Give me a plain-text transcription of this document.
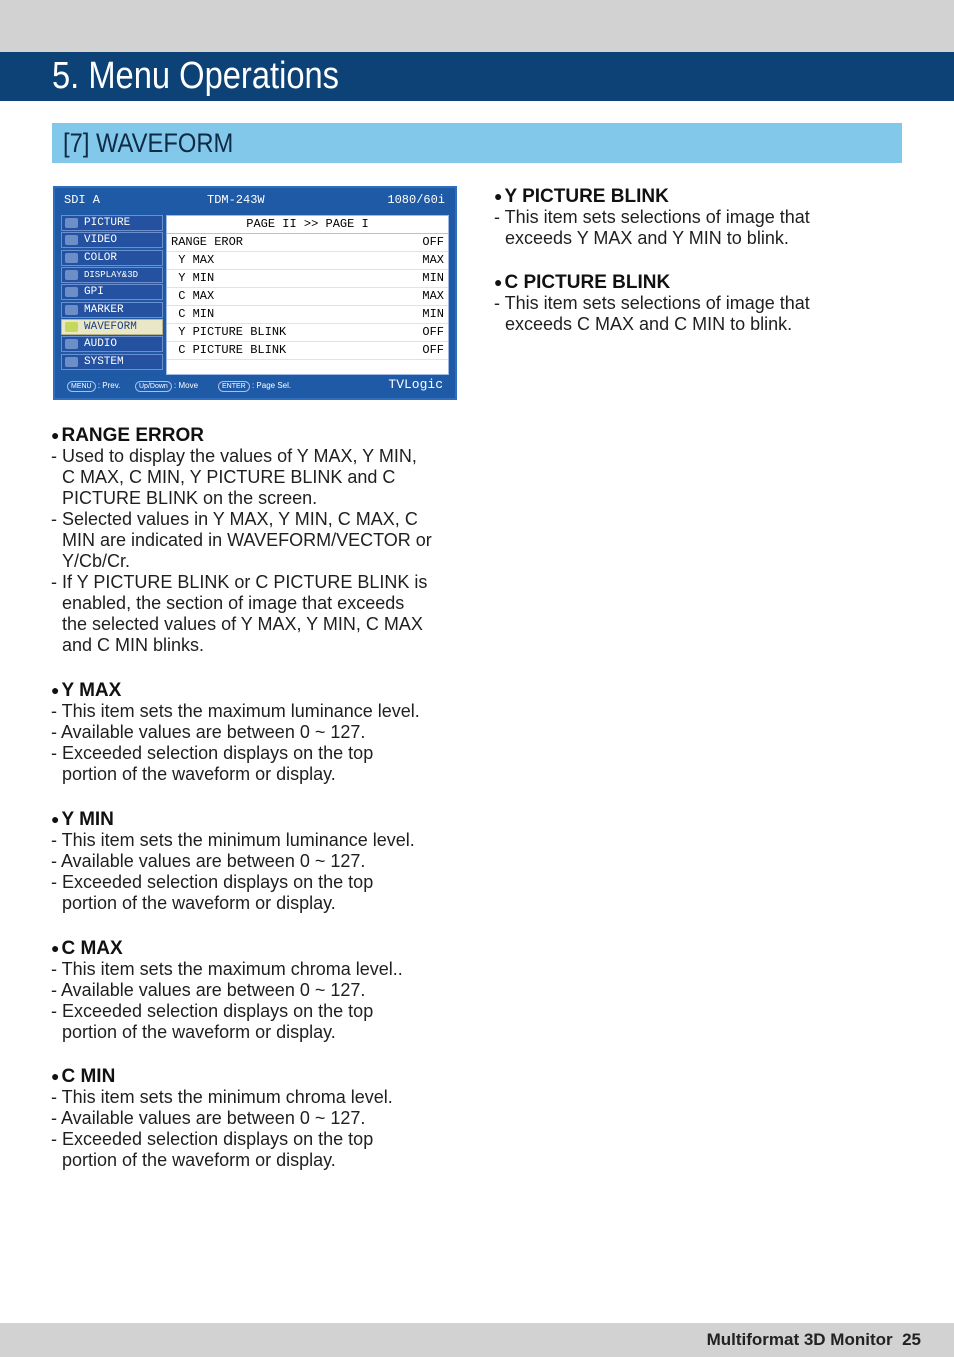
5. Menu Operations
[7] WAVEFORM
SDI A	TDM-243W	1080/60i
PICTURE
VIDEO
COLOR
DISPLAY&3D
GPI
MARKER
WAVEFORM
AUDIO
SYSTEM
PAGE II >> PAGE I
RANGE EROR	OFF
Y MAX	MAX
Y MIN	MIN
C MAX	MAX
C MIN	MIN
Y PICTURE BLINK	OFF
C PICTURE BLINK	OFF
MENU : Prev.	Up/Down : Move	ENTER : Page Sel.	TVLogic
● RANGE ERROR

- Used to display the values of Y MAX, Y MIN,

C MAX, C MIN, Y PICTURE BLINK and C

PICTURE BLINK on the screen.

- Selected values in Y MAX, Y MIN, C MAX, C

MIN are indicated in WAVEFORM/VECTOR or

Y/Cb/Cr.

- If Y PICTURE BLINK or C PICTURE BLINK is

enabled, the section of image that exceeds

the selected values of Y MAX, Y MIN, C MAX

and C MIN blinks.

● Y MAX

- This item sets the maximum luminance level.

- Available values are between 0 ~ 127.

- Exceeded selection displays on the top

portion of the waveform or display.

● Y MIN

- This item sets the minimum luminance level.

- Available values are between 0 ~ 127.

- Exceeded selection displays on the top

portion of the waveform or display.

● C MAX

- This item sets the maximum chroma level..

- Available values are between 0 ~ 127.

- Exceeded selection displays on the top

portion of the waveform or display.

● C MIN

- This item sets the minimum chroma level.

- Available values are between 0 ~ 127.

- Exceeded selection displays on the top

portion of the waveform or display.

● Y PICTURE BLINK

- This item sets selections of image that

exceeds Y MAX and Y MIN to blink.

● C PICTURE BLINK

- This item sets selections of image that

exceeds C MAX and C MIN to blink.

Multiformat 3D Monitor 25
